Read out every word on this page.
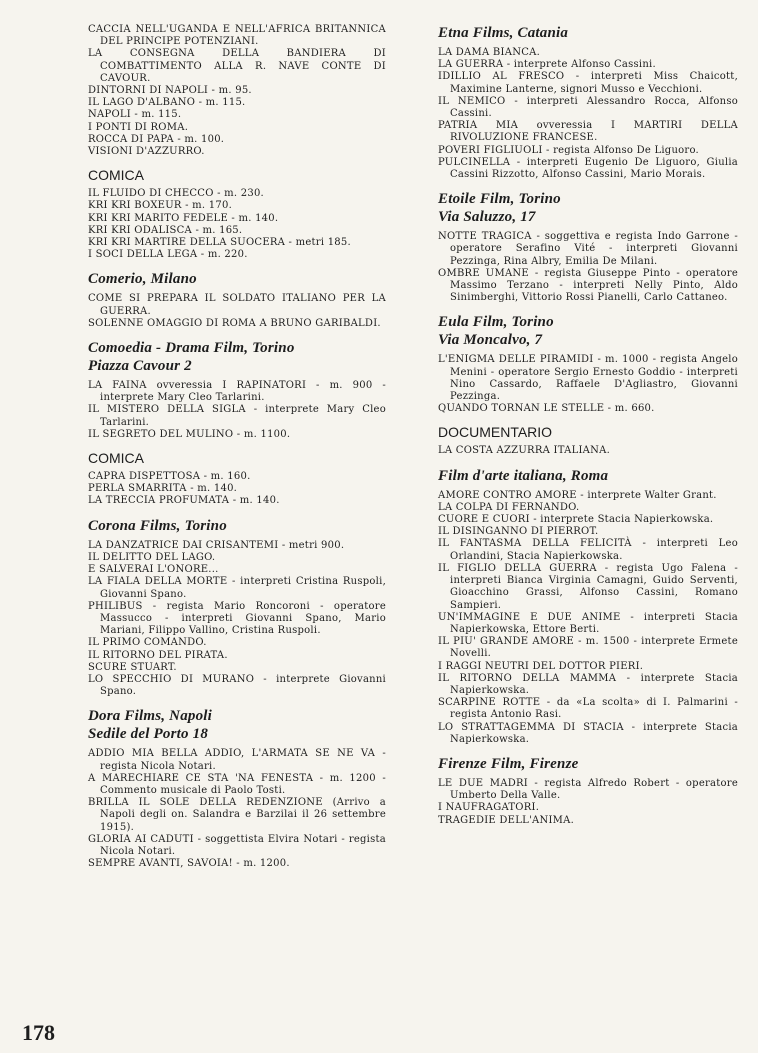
CACCIA NELL'UGANDA E NELL'AFRICA BRITANNICA DEL PRINCIPE POTENZIANI.

LA CONSEGNA DELLA BANDIERA DI COMBATTIMENTO ALLA R. NAVE CONTE DI CAVOUR.

DINTORNI DI NAPOLI - m. 95.

IL LAGO D'ALBANO - m. 115.

NAPOLI - m. 115.

I PONTI DI ROMA.

ROCCA DI PAPA - m. 100.

VISIONI D'AZZURRO.

COMICA

IL FLUIDO DI CHECCO - m. 230.

KRI KRI BOXEUR - m. 170.

KRI KRI MARITO FEDELE - m. 140.

KRI KRI ODALISCA - m. 165.

KRI KRI MARTIRE DELLA SUOCERA - metri 185.

I SOCI DELLA LEGA - m. 220.

Comerio, Milano

COME SI PREPARA IL SOLDATO ITALIANO PER LA GUERRA.

SOLENNE OMAGGIO DI ROMA A BRUNO GARIBALDI.

Comoedia - Drama Film, Torino
Piazza Cavour 2

LA FAINA ovveressia I RAPINATORI - m. 900 - interprete Mary Cleo Tarlarini.

IL MISTERO DELLA SIGLA - interprete Mary Cleo Tarlarini.

IL SEGRETO DEL MULINO - m. 1100.

COMICA

CAPRA DISPETTOSA - m. 160.

PERLA SMARRITA - m. 140.

LA TRECCIA PROFUMATA - m. 140.

Corona Films, Torino

LA DANZATRICE DAI CRISANTEMI - metri 900.

IL DELITTO DEL LAGO.

E SALVERAI L'ONORE...

LA FIALA DELLA MORTE - interpreti Cristina Ruspoli, Giovanni Spano.

PHILIBUS - regista Mario Roncoroni - operatore Massucco - interpreti Giovanni Spano, Mario Mariani, Filippo Vallino, Cristina Ruspoli.

IL PRIMO COMANDO.

IL RITORNO DEL PIRATA.

SCURE STUART.

LO SPECCHIO DI MURANO - interprete Giovanni Spano.

Dora Films, Napoli
Sedile del Porto 18

ADDIO MIA BELLA ADDIO, L'ARMATA SE NE VA - regista Nicola Notari.

A MARECHIARE CE STA 'NA FENESTA - m. 1200 - Commento musicale di Paolo Tosti.

BRILLA IL SOLE DELLA REDENZIONE (Arrivo a Napoli degli on. Salandra e Barzilai il 26 settembre 1915).

GLORIA AI CADUTI - soggettista Elvira Notari - regista Nicola Notari.

SEMPRE AVANTI, SAVOIA! - m. 1200.

Etna Films, Catania

LA DAMA BIANCA.

LA GUERRA - interprete Alfonso Cassini.

IDILLIO AL FRESCO - interpreti Miss Chaicott, Maximine Lanterne, signori Musso e Vecchioni.

IL NEMICO - interpreti Alessandro Rocca, Alfonso Cassini.

PATRIA MIA ovveressia I MARTIRI DELLA RIVOLUZIONE FRANCESE.

POVERI FIGLIUOLI - regista Alfonso De Liguoro.

PULCINELLA - interpreti Eugenio De Liguoro, Giulia Cassini Rizzotto, Alfonso Cassini, Mario Morais.

Etoile Film, Torino
Via Saluzzo, 17

NOTTE TRAGICA - soggettiva e regista Indo Garrone - operatore Serafino Vité - interpreti Giovanni Pezzinga, Rina Albry, Emilia De Milani.

OMBRE UMANE - regista Giuseppe Pinto - operatore Massimo Terzano - interpreti Nelly Pinto, Aldo Sinimberghi, Vittorio Rossi Pianelli, Carlo Cattaneo.

Eula Film, Torino
Via Moncalvo, 7

L'ENIGMA DELLE PIRAMIDI - m. 1000 - regista Angelo Menini - operatore Sergio Ernesto Goddio - interpreti Nino Cassardo, Raffaele D'Agliastro, Giovanni Pezzinga.

QUANDO TORNAN LE STELLE - m. 660.

DOCUMENTARIO

LA COSTA AZZURRA ITALIANA.

Film d'arte italiana, Roma

AMORE CONTRO AMORE - interprete Walter Grant.

LA COLPA DI FERNANDO.

CUORE E CUORI - interprete Stacia Napierkowska.

IL DISINGANNO DI PIERROT.

IL FANTASMA DELLA FELICITÀ - interpreti Leo Orlandini, Stacia Napierkowska.

IL FIGLIO DELLA GUERRA - regista Ugo Falena - interpreti Bianca Virginia Camagni, Guido Serventi, Gioacchino Grassi, Alfonso Cassini, Romano Sampieri.

UN'IMMAGINE E DUE ANIME - interpreti Stacia Napierkowska, Ettore Berti.

IL PIU' GRANDE AMORE - m. 1500 - interprete Ermete Novelli.

I RAGGI NEUTRI DEL DOTTOR PIERI.

IL RITORNO DELLA MAMMA - interprete Stacia Napierkowska.

SCARPINE ROTTE - da «La scolta» di I. Palmarini - regista Antonio Rasi.

LO STRATTAGEMMA DI STACIA - interprete Stacia Napierkowska.

Firenze Film, Firenze

LE DUE MADRI - regista Alfredo Robert - operatore Umberto Della Valle.

I NAUFRAGATORI.

TRAGEDIE DELL'ANIMA.

178
